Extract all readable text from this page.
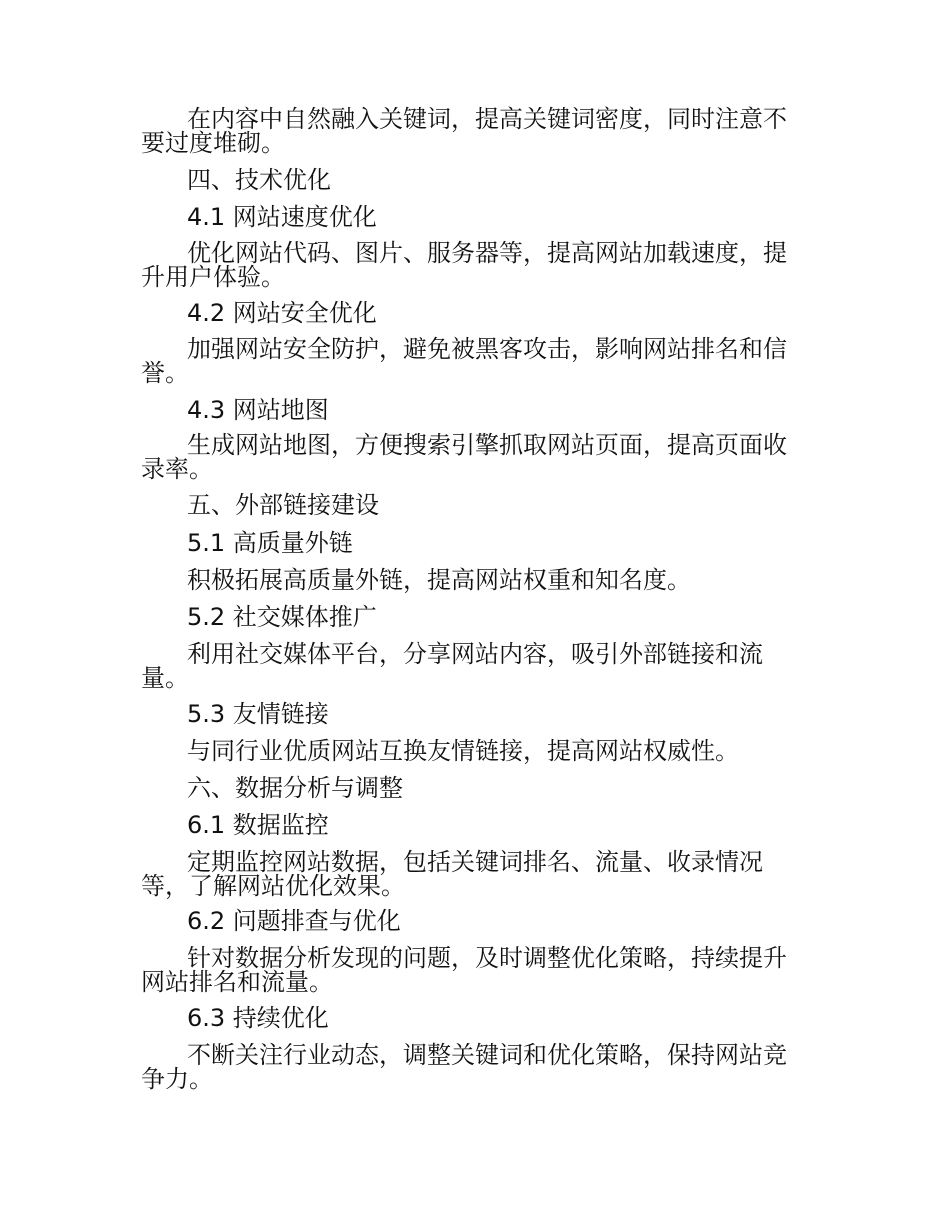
在内容中自然融入关键词，提高关键词密度，同时注意不要过度堆砌。

四、技术优化
4.1 网站速度优化

优化网站代码、图片、服务器等，提高网站加载速度，提升用户体验。

4.2 网站安全优化

加强网站安全防护，避免被黑客攻击，影响网站排名和信誉。

4.3 网站地图

生成网站地图，方便搜索引擎抓取网站页面，提高页面收录率。

五、外部链接建设
5.1 高质量外链
积极拓展高质量外链，提高网站权重和知名度。
5.2 社交媒体推广

利用社交媒体平台，分享网站内容，吸引外部链接和流量。

5.3 友情链接
与同行业优质网站互换友情链接，提高网站权威性。
六、数据分析与调整
6.1 数据监控

定期监控网站数据，包括关键词排名、流量、收录情况等，了解网站优化效果。

6.2 问题排查与优化

针对数据分析发现的问题，及时调整优化策略，持续提升网站排名和流量。

6.3 持续优化

不断关注行业动态，调整关键词和优化策略，保持网站竞争力。
